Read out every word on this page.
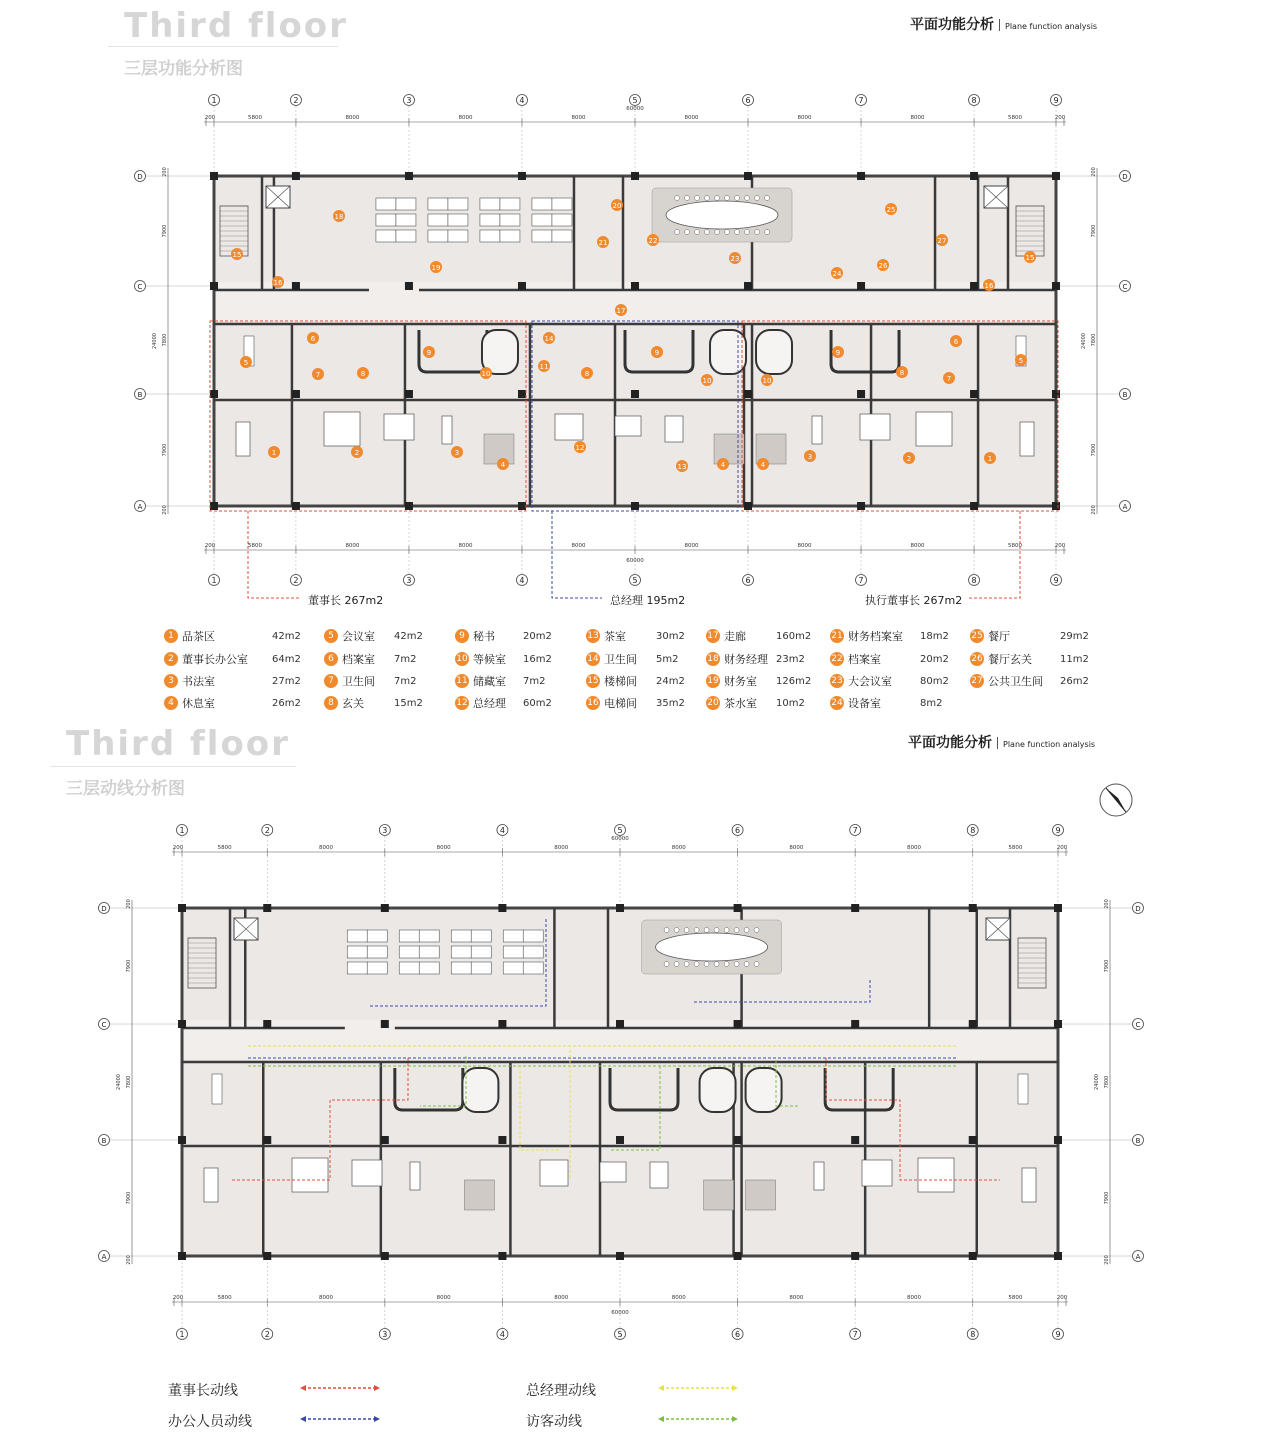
Third floor
三层功能分析图
平面功能分析 Plane function analysis
200	5800	8000	8000	8000	8000	8000	8000	5800	200
60000
200	5800	8000	8000	8000	8000	8000	8000	5800	200
60000
1	2	3	4	5	6	7	8	9
1	2	3	4	5	6	7	8	9
D
C
B
A
200
7900
7800
7900
200
24000
D
C
B
A
200
7900
7800
7900
200
24000
15
16
18
19
20
21	22
23
24
25
26
27
16
15
17
6
5
7	8
9
10
11
14
8
9
10	10
9
8
7
6
5
1	2	3
4
12
13	4	4
3	2	1
董事长 267m2	总经理 195m2	执行董事长 267m2
1 品茶区	42m2
2 董事长办公室	64m2
3 书法室	27m2
4 休息室	26m2
5 会议室	42m2
6 档案室	7m2
7 卫生间	7m2
8 玄关	15m2
9 秘书	20m2
10 等候室	16m2
11 储藏室	7m2
12 总经理	60m2
13 茶室	30m2
14 卫生间	5m2
15 楼梯间	24m2
16 电梯间	35m2
17 走廊	160m2
18 财务经理 23m2
19 财务室	126m2
20 茶水室	10m2
21 财务档案室	18m2
22 档案室	20m2
23 大会议室	80m2
24 设备室	8m2
25 餐厅	29m2
26 餐厅玄关	11m2
27 公共卫生间	26m2
Third floor
三层动线分析图
平面功能分析 Plane function analysis
200	5800	8000	8000	8000	8000	8000	8000	5800	200
60000
200	5800	8000	8000	8000	8000	8000	8000	5800	200
60000
1	2	3	4	5	6	7	8	9
1	2	3	4	5	6	7	8	9
D
C
B
A
200
7900
7800
7900
200
24000
D
C
B
A
200
7900
7800
7900
200
24000
董事长动线	总经理动线
办公人员动线	访客动线
